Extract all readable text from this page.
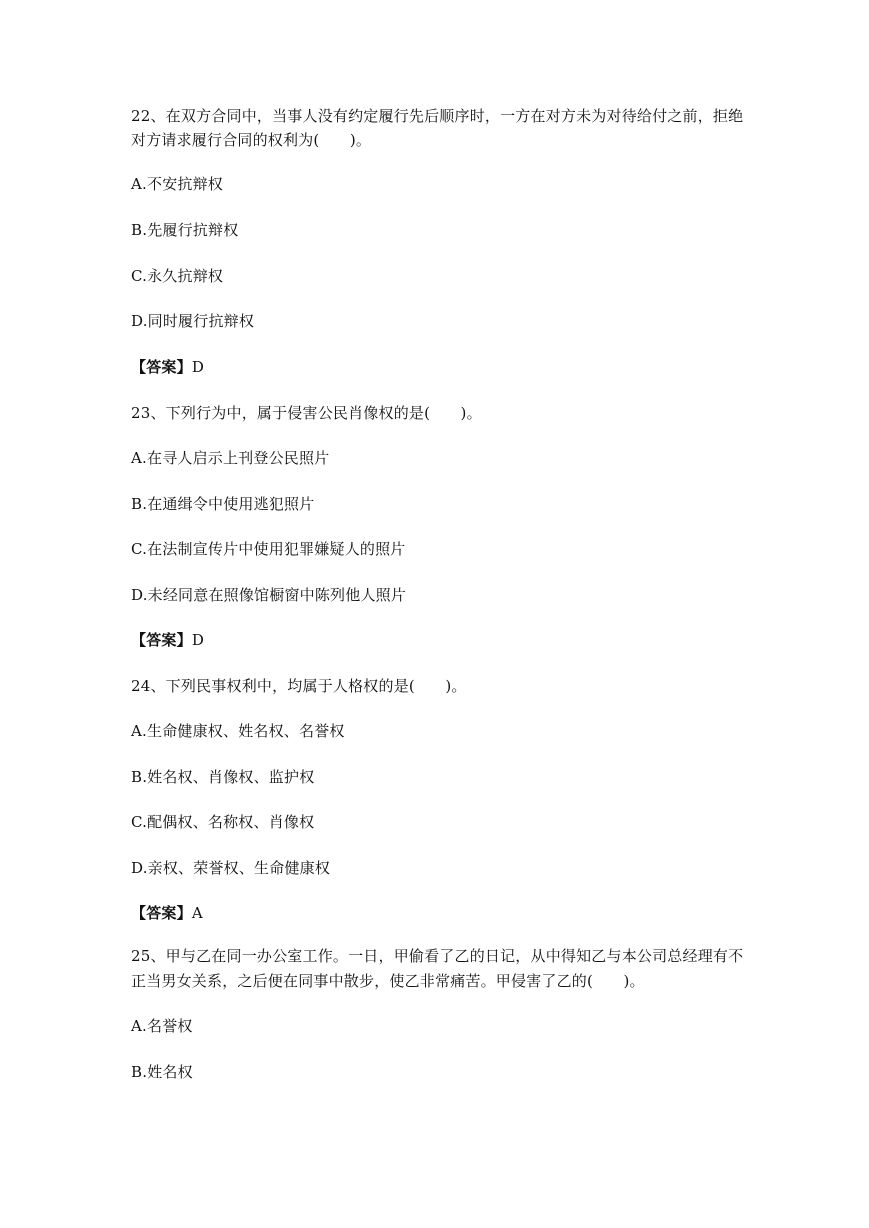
22、在双方合同中，当事人没有约定履行先后顺序时，一方在对方未为对待给付之前，拒绝
对方请求履行合同的权利为(　　)。
A.不安抗辩权
B.先履行抗辩权
C.永久抗辩权
D.同时履行抗辩权
【答案】D
23、下列行为中，属于侵害公民肖像权的是(　　)。
A.在寻人启示上刊登公民照片
B.在通缉令中使用逃犯照片
C.在法制宣传片中使用犯罪嫌疑人的照片
D.未经同意在照像馆橱窗中陈列他人照片
【答案】D
24、下列民事权利中，均属于人格权的是(　　)。
A.生命健康权、姓名权、名誉权
B.姓名权、肖像权、监护权
C.配偶权、名称权、肖像权
D.亲权、荣誉权、生命健康权
【答案】A
25、甲与乙在同一办公室工作。一日，甲偷看了乙的日记，从中得知乙与本公司总经理有不
正当男女关系，之后便在同事中散步，使乙非常痛苦。甲侵害了乙的(　　)。
A.名誉权
B.姓名权
